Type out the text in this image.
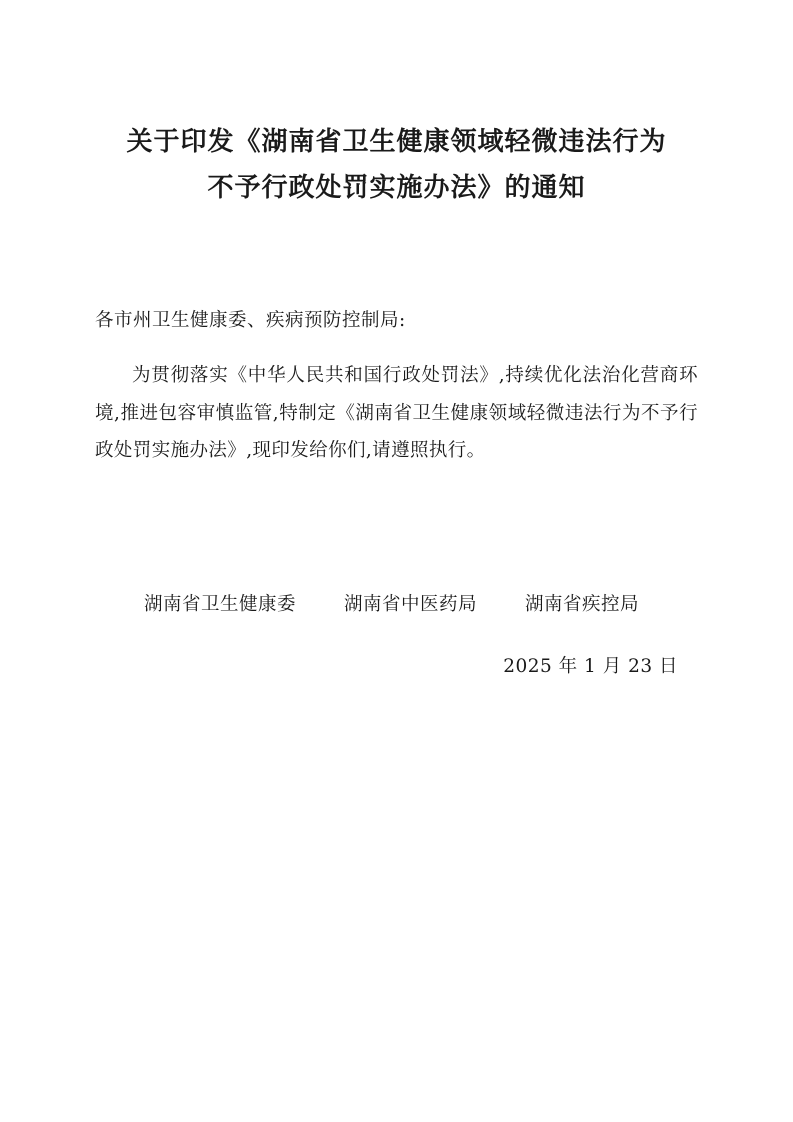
关于印发《湖南省卫生健康领域轻微违法行为
不予行政处罚实施办法》的通知

各市州卫生健康委、疾病预防控制局:

为贯彻落实《中华人民共和国行政处罚法》,持续优化法治化营商环境,推进包容审慎监管,特制定《湖南省卫生健康领域轻微违法行为不予行政处罚实施办法》,现印发给你们,请遵照执行。

湖南省卫生健康委	湖南省中医药局	湖南省疾控局
2025 年 1 月 23 日
